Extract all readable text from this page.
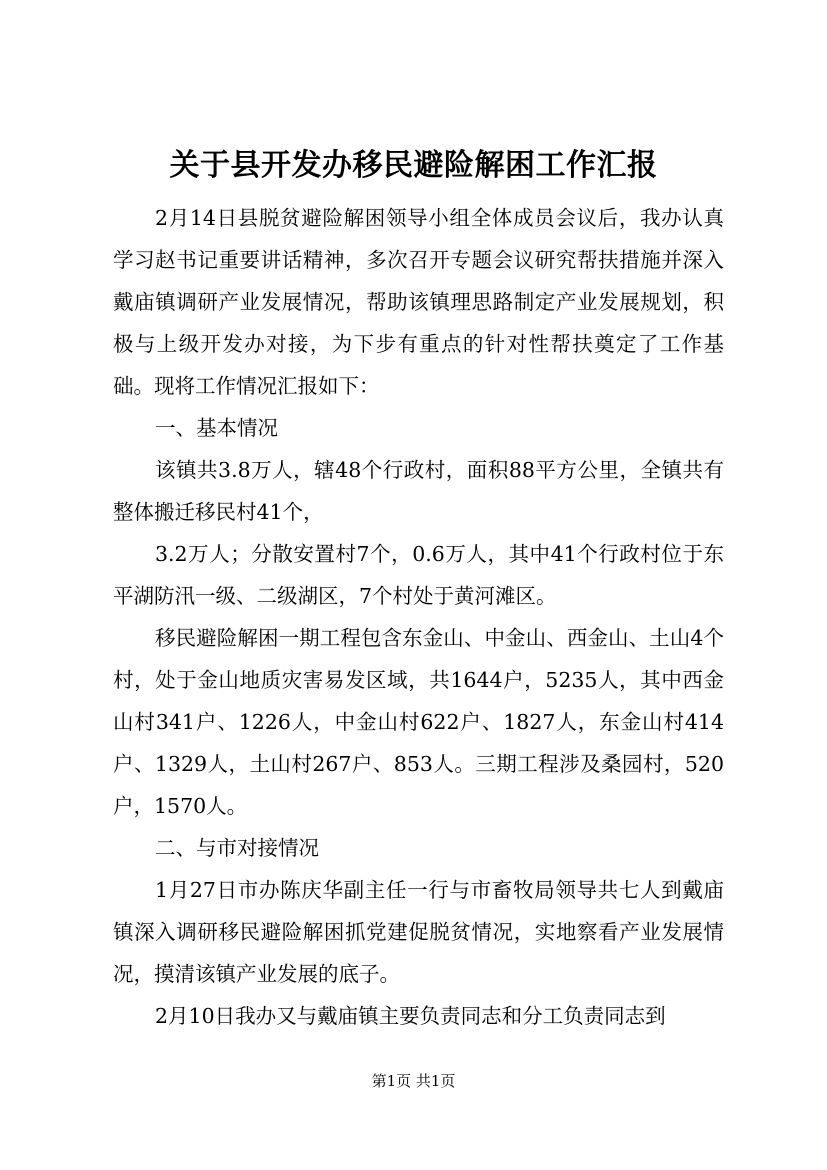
关于县开发办移民避险解困工作汇报

2月14日县脱贫避险解困领导小组全体成员会议后，我办认真学习赵书记重要讲话精神，多次召开专题会议研究帮扶措施并深入戴庙镇调研产业发展情况，帮助该镇理思路制定产业发展规划，积极与上级开发办对接，为下步有重点的针对性帮扶奠定了工作基础。现将工作情况汇报如下：

一、基本情况

该镇共3.8万人，辖48个行政村，面积88平方公里，全镇共有整体搬迁移民村41个，

3.2万人；分散安置村7个，0.6万人，其中41个行政村位于东平湖防汛一级、二级湖区，7个村处于黄河滩区。

移民避险解困一期工程包含东金山、中金山、西金山、土山4个村，处于金山地质灾害易发区域，共1644户，5235人，其中西金山村341户、1226人，中金山村622户、1827人，东金山村414户、1329人，土山村267户、853人。三期工程涉及桑园村，520户，1570人。

二、与市对接情况

1月27日市办陈庆华副主任一行与市畜牧局领导共七人到戴庙镇深入调研移民避险解困抓党建促脱贫情况，实地察看产业发展情况，摸清该镇产业发展的底子。

2月10日我办又与戴庙镇主要负责同志和分工负责同志到

第1页 共1页
